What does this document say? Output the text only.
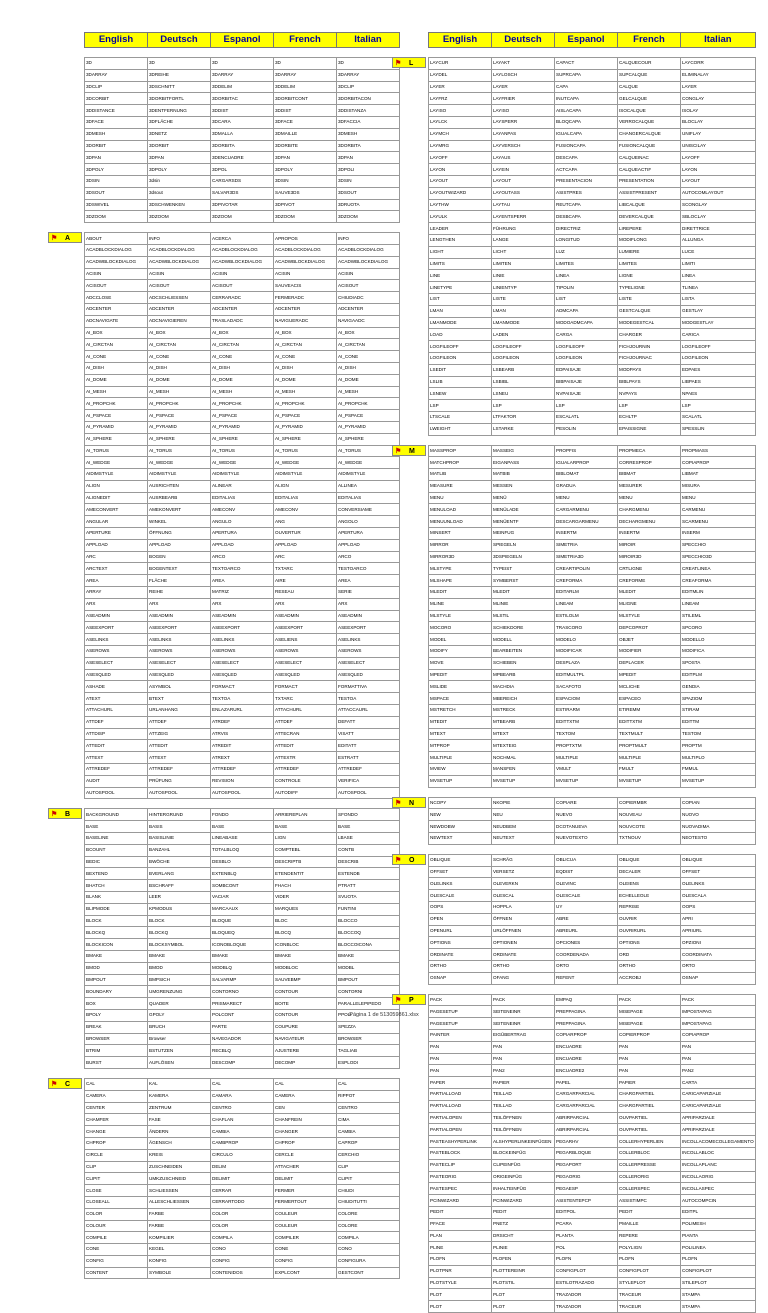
English	Deutsch	Espanol	French	Italian

3D	3D	3D	3D	3D
3DARRAY	3DREIHE	3DARRAY	3DARRAY	3DARRAY
3DCLIP	3DSCHNITT	3DDELIM	3DDELIM	3DCLIP
3DCORBIT	3DORBITFORTL	3DORBITAC	3DORBITCONT	3DORBITACON
3DDISTANCE	3DENTFERNUNG	3DDIST	3DDIST	3DDISTANZA
3DFACE	3DFLÄCHE	3DCARA	3DFACE	3DFACCIA
3DMESH	3DNETZ	3DMALLA	3DMAILLE	3DMESH
3DORBIT	3DORBIT	3DORBITA	3DORBITE	3DORBITA
3DPAN	3DPAN	3DENCUADRE	3DPAN	3DPAN
3DPOLY	3DPOLY	3DPOL	3DPOLY	3DPOLI
3DSIN	3dsin	CARGARSDS	3DSIN	3DSIN
3DSOUT	3dsout	SALVAR3DS	SAUVE3DS	3DSOUT
3DSWIVEL	3DSCHWENKEN	3DPIVOTAR	3DPIVOT	3DRUOTA
3DZOOM	3DZOOM	3DZOOM	3DZOOM	3DZOOM

ABOUT	INFO	ACERCA	APROPOS	INFO
ACADBLOCKDIALOG	ACADBLOCKDIALOG	ACADBLOCKDIALOG	ACADBLOCKDIALOG	ACADBLOCKDIALOG
ACADWBLOCKDIALOG	ACADWBLOCKDIALOG	ACADWBLOCKDIALOG	ACADWBLOCKDIALOG	ACADWBLOCKDIALOG
ACISIN	ACISIN	ACISIN	ACISIN	ACISIN
ACISOUT	ACISOUT	ACISOUT	SAUVEACIS	ACISOUT
ADCCLOSE	ADCSCHLIESSEN	CERRARADC	FERMERADC	CHIUDIADC
ADCENTER	ADCENTER	ADCENTER	ADCENTER	ADCENTER
ADCNAVIGATE	ADCNAVIGIEREN	TRASLADADC	NAVIGUERADC	NAVIGAADC
AI_BOX	AI_BOX	AI_BOX	AI_BOX	AI_BOX
AI_CIRCTAN	AI_CIRCTAN	AI_CIRCTAN	AI_CIRCTAN	AI_CIRCTAN
AI_CONE	AI_CONE	AI_CONE	AI_CONE	AI_CONE
AI_DISH	AI_DISH	AI_DISH	AI_DISH	AI_DISH
AI_DOME	AI_DOME	AI_DOME	AI_DOME	AI_DOME
AI_MESH	AI_MESH	AI_MESH	AI_MESH	AI_MESH
AI_PROPCHK	AI_PROPCHK	AI_PROPCHK	AI_PROPCHK	AI_PROPCHK
AI_PSPACE	AI_PSPACE	AI_PSPACE	AI_PSPACE	AI_PSPACE
AI_PYRAMID	AI_PYRAMID	AI_PYRAMID	AI_PYRAMID	AI_PYRAMID
AI_SPHERE	AI_SPHERE	AI_SPHERE	AI_SPHERE	AI_SPHERE
AI_TORUS	AI_TORUS	AI_TORUS	AI_TORUS	AI_TORUS
AI_WEDGE	AI_WEDGE	AI_WEDGE	AI_WEDGE	AI_WEDGE
AIDIMSTYLE	AIDIMSTYLE	AIDIMSTYLE	AIDIMSTYLE	AIDIMSTYLE
ALIGN	AUSRICHTEN	ALINEAR	ALIGN	ALLINEA
ALIGNEDIT	AUSRBEARB	EDITALIAS	EDITALIAS	EDITALIAS
AMECONVERT	AMEKONVERT	AMECONV	AMECONV	CONVERSIAME
ANGULAR	WINKEL	ANGULO	ANG	ANGOLO
APERTURE	ÖFFNUNG	APERTURA	OUVERTUR	APERTURA
APPLOAD	APPLOAD	APPLOAD	APPLOAD	APPLOAD
ARC	BOGEN	ARCO	ARC	ARCO
ARCTEXT	BOGENTEXT	TEXTOARCO	TXTARC	TESTOARCO
AREA	FLÄCHE	AREA	AIRE	AREA
ARRAY	REIHE	MATRIZ	RESEAU	SERIE
ARX	ARX	ARX	ARX	ARX
ASEADMIN	ASEADMIN	ASEADMIN	ASEADMIN	ASEADMIN
ASEEXPORT	ASEEXPORT	ASEEXPORT	ASEEXPORT	ASEEXPORT
ASELINKS	ASELINKS	ASELINKS	ASELIENS	ASELINKS
ASEROWS	ASEROWS	ASEROWS	ASEROWS	ASEROWS
ASESELECT	ASESELECT	ASESELECT	ASESELECT	ASESELECT
ASESQLED	ASESQLED	ASESQLED	ASESQLED	ASESQLED
ASHADE	ASYMBOL	FORMACT	FORMACT	FORMATTIVA
ATEXT	BTEXT	TEXTOA	TXTARC	TESTOA
ATTACHURL	URLANHANG	ENLAZARURL	ATTACHURL	ATTACCAURL
ATTDEF	ATTDEF	ATRDEF	ATTDEF	DEFATT
ATTDISP	ATTZEIG	ATRVIS	ATTECRAN	VISATT
ATTEDIT	ATTEDIT	ATREDIT	ATTEDIT	EDITATT
ATTEXT	ATTEXT	ATREXT	ATTEXTR	ESTRATT
ATTREDEF	ATTREDEF	ATTREDEF	ATTREDEF	ATTREDEF
AUDIT	PRÜFUNG	REVISION	CONTROLE	VERIFICA
AUTOSPOOL	AUTOSPOOL	AUTOSPOOL	AUTODIFF	AUTOSPOOL

BACKGROUND	HINTERGRUND	FONDO	ARRIEREPLAN	SFONDO
BASE	BASIS	BASE	BASE	BASE
BASELINE	BASISLINIE	LINEABASE	LIGN	LBASE
BCOUNT	BANZAHL	TOTALBLOQ	COMPTEBL	CONTB
BEDIC	BWÖCHE	DESBLO	DESCRIPTB	DESCRIB
BEXTEND	BVERLANG	EXTENBLQ	ETENDENTIT	ESTENDB
BHATCH	BSCHRAFF	SOMBCONT	FHACH	PTRATT
BLANK	LEER	VACIAR	VIDER	SVUOTA
BLIPMODE	KPMODUS	MARCAAUX	MARQUES	FUNTINI
BLOCK	BLOCK	BLOQUE	BLOC	BLOCCO
BLOCKQ	BLOCKQ	BLOQUEQ	BLOCQ	BLOCCOQ
BLOCKICON	BLOCKSYMBOL	ICONOBLOQUE	ICONBLOC	BLOCCOICONA
BMAKE	BMAKE	BMAKE	BMAKE	BMAKE
BMOD	BMOD	MODBLQ	MODBLOC	MODBL
BMPOUT	BMPSICH	SALVARMP	SAUVEBMP	BMPOUT
BOUNDARY	UMGRENZUNG	CONTORNO	CONTOUR	CONTORNI
BOX	QUADER	PRISMARECT	BOITE	PARALLELEPIPEDO
BPOLY	GPOLY	POLCONT	CONTOUR	PPOLI
BREAK	BRUCH	PARTE	COUPURE	SPEZZA
BROWSER	Browser	NAVEGADOR	NAVIGATEUR	BROWSER
BTRIM	BSTUTZEN	RECBLQ	AJUSTERB	TAGLIAB
BURST	AUFLÖSEN	DESCOMP	DECOMP	ESPLODI

CAL	KAL	CAL	CAL	CAL
CAMERA	KAMERA	CAMARA	CAMERA	RIPPOT
CENTER	ZENTRUM	CENTRO	CEN	CENTRO
CHAMFER	FASE	CHAFLAN	CHANFREIN	CIMA
CHANGE	ÄNDERN	CAMBIA	CHANGER	CAMBIA
CHPROP	ÄGENSCH	CAMBPROP	CHPROP	CAPROP
CIRCLE	KREIS	CIRCULO	CERCLE	CERCHIO
CLIP	ZUSCHNEIDEN	DELIM	ATTACHER	CLIP
CLIPIT	UMKZUSCHNEID	DELIMIT	DELIMIT	CLIPIT
CLOSE	SCHLIESSEN	CERRAR	FERMER	CHIUDI
CLOSEALL	ALLESCHLIESSEN	CERRARTODO	FERMERTOUT	CHIUDITUTTI
COLOR	FARBE	COLOR	COULEUR	COLORE
COLOUR	FARBE	COLOR	COULEUR	COLORE
COMPILE	KOMPILIER	COMPILA	COMPILER	COMPILA
CONE	KEGEL	CONO	CONE	CONO
CONFIG	KONFIG	CONFIG	CONFIG	CONFIGURA
CONTENT	SYMBOLE	CONTENIDOS	EXPLCONT	GESTCONT
English	Deutsch	Espanol	French	Italian

LAYCUR	LAYAKT	CAPACT	CALQUECOUR	LAYCORR
LAYDEL	LAYLOSCH	SUPRCAPA	SUPCALQUE	ELIMINALAY
LAYER	LAYER	CAPA	CALQUE	LAYER
LAYFRZ	LAYFRIER	INUTCAPA	GELCALQUE	CONGLAY
LAYISO	LAYISO	AISLACAPA	ISOCALQUE	ISOLAY
LAYLCK	LAYSPERR	BLOQCAPA	VERROCALQUE	BLOCLAY
LAYMCH	LAYANPAS	IGUALCAPA	CHANGERCALQUE	UNIFLAY
LAYMRG	LAYVERSCH	FUSIONCAPA	FUSIONCALQUE	UNISCILAY
LAYOFF	LAYAUS	DESCAPA	CALQUEINAC	LAYOFF
LAYON	LAYEIN	ACTCAPA	CALQUEACTIF	LAYON
LAYOUT	LAYOUT	PRESENTACION	PRESENTATION	LAYOUT
LAYOUTWIZARD	LAYOUTASS	ASISTPRES	ASSISTPRESENT	AUTOCOMLAYOUT
LAYTHW	LAYTAU	REUTCAPA	LIBCALQUE	SCONGLAY
LAYULK	LAYENTSPERR	DESBCAPA	DEVERCALQUE	SBLOCLAY
LEADER	FÜHRUNG	DIRECTRIZ	LIREPERE	DIRETTRICE
LENGTHEN	LANGE	LONGITUD	MODIFLONG	ALLUNGA
LIGHT	LICHT	LUZ	LUMIERE	LUCE
LIMITS	LIMITEN	LIMITES	LIMITES	LIMITI
LINE	LINIE	LINEA	LIGNE	LINEA
LINETYPE	LINIENTYP	TIPOLIN	TYPELIGNE	TLINEA
LIST	LISTE	LIST	LISTE	LISTA
LMAN	LMAN	ADMCAPA	GESTCALQUE	GESTLAY
LMANMODE	LMANMODE	MODOADMCAPA	MODEGESTCAL	MODGESTLAY
LOAD	LADEN	CARGA	CHARGER	CARICA
LOGFILEOFF	LOGFILEOFF	LOGFILEOFF	FICHJOURNIN	LOGFILEOFF
LOGFILEON	LOGFILEON	LOGFILEON	FICHJOURNAC	LOGFILEON
LSEDIT	LSBEARB	EDPAISAJE	MODPAYS	EDPAES
LSLIB	LSBIBL	BIBPAISAJE	BIBLPAYS	LIBPAES
LSNEW	LSNEU	NVPAISAJE	NVPAYS	NPAES
LSP	LSP	LSP	LSP	LSP
LTSCALE	LTFAKTOR	ESCALATL	ECHLTP	SCALATL
LWEIGHT	LSTARKE	PESOLIN	EPAISSIGNE	SPESSLIN

MASSPROP	MASSEIG	PROPFIS	PROPMECA	PROPMASS
MATCHPROP	EIGANPASS	IGUALARPROP	CORRESPROP	COPIAPROP
MATLIB	MATBIB	BIBLOMAT	BIBMAT	LIBMAT
MEASURE	MESSEN	GRADUA	MESURER	MISURA
MENU	MENÜ	MENU	MENU	MENU
MENULOAD	MENÜLADE	CARGARMENU	CHARGMENU	CARMENU
MENUUNLOAD	MENÜENTF	DESCARGARMENU	DECHARGMENU	SCARMENU
MINSERT	MEINFUG	INSERTM	INSERTM	INSERM
MIRROR	SPIEGELN	SIMETRIA	MIROIR	SPECCHIO
MIRROR3D	3DSPIEGELN	SIMETRIA3D	MIROIR3D	SPECCHIO3D
MLSTYPE	TYPEIST	CREARTIPOLIN	CRTLIGNE	CREATLINEA
MLSHAPE	SYMBERST	CREFORMA	CREFORME	CREAFORMA
MLEDIT	MLEDIT	EDITARLM	MLEDIT	EDITMLIN
MLINE	MLINIE	LINEAM	MLIGNE	LINEAM
MLSTYLE	MLSTIL	ESTILOLM	MLSTYLE	STILEML
MOCORO	SCHIEKDORE	TRASCORO	DEPCOPROT	SPCORO
MODEL	MODELL	MODELO	OBJET	MODELLO
MODIFY	BEARBEITEN	MODIFICAR	MODIFIER	MODIFICA
MOVE	SCHIEBEN	DESPLAZA	DEPLACER	SPOSTA
MPEDIT	MPBEARB	EDITMULTPL	MPEDIT	EDITPLM
MSLIDE	MACHDIA	SACAFOTO	MCLICHE	GENDIA
MSPACE	MBEREICH	ESPACIOM	ESPACEO	SPAZIOM
MSTRETCH	MSTRECK	ESTIRARM	ETIREMM	STIRAM
MTEDIT	MTBEARB	EDITTXTM	EDITTXTM	EDITTM
MTEXT	MTEXT	TEXTOM	TEXTMULT	TESTOM
MTPROP	MTEXTEIG	PROPTXTM	PROPTMULT	PROPTM
MULTIPLE	NOCHMAL	MULTIPLE	MULTIPLE	MULTIPLO
MVIEW	MANSFEN	VMULT	FMULT	FMMUL
MVSETUP	MVSETUP	MVSETUP	MVSETUP	MVSETUP

NCOPY	NKOPIE	COPIARE	COPIERMBR	COPIAN
NEW	NEU	NUEVO	NOUVEAU	NUOVO
NEWDOBW	NEUDBEM	DCOTANUEVA	NOUVCOTE	NUOVADIMA
NEWTEXT	NEUTEXT	NUEVOTEXTO	TXTNOUV	NEOTESTO

OBLIQUE	SCHRÄG	OBLICUA	OBLIQUE	OBLIQUE
OFFSET	VERSETZ	EQDIST	DECALER	OFFSET
OLELINKS	OLEVERKN	OLEVINC	OLEIENS	OLELINKS
OLESCALE	OLESCAL	OLESCALE	ECHELLEOLE	OLESCALA
OOPS	HOPPLA	UY	REPRISE	OOPS
OPEN	ÖFFNEN	ABRE	OUVRIR	APRI
OPENURL	URLÖFFNEN	ABREURL	OUVRIRURL	APRIURL
OPTIONS	OPTIONEN	OPCIONES	OPTIONS	OPZIONI
ORDINATE	ORDINATE	COORDENADA	ORD	COORDINATA
ORTHO	ORTHO	ORTO	ORTHO	ORTO
OSNAP	OFANG	REFENT	ACCROBJ	OSNAP

PACK	PACK	EMPAQ	PACK	PACK
PAGESETUP	SEITENEINR	PREPPAGINA	MISEPAGE	IMPOSTAPAG
PAGESETUP	SEITENEINR	PREPPAGINA	MISEPAGE	IMPOSTAPAG
PAINTER	EIGÜBERTRAG	COPIARPROP	COPIERPROP	COPIAPROP
PAN	PAN	ENCUADRE	PAN	PAN
PAN	PAN	ENCUADRE	PAN	PAN
PAN	PAN2	ENCUADRE2	PAN	PAN2
PAPER	PAPIER	PAPEL	PAPIER	CARTA
PARTIALLOAD	TEILLAD	CARGARPARCIAL	CHARGPARTIEL	CARICAPARZIALE
PARTIALLOAD	TEILLAD	CARGARPARCIAL	CHARGPARTIEL	CARICAPARZIALE
PARTIALOPEN	TEILÖFFNEN	ABRIRPARCIAL	OUVPARTIEL	APRIPARZIALE
PARTIALOPEN	TEILÖFFNEN	ABRIRPARCIAL	OUVPARTIEL	APRIPARZIALE
PASTEASHYPERLINK	ALSHYPERLINKEINFÜGEN	PEGARHV	COLLERHYPERLIEN	INCOLLACOMECOLLEGAMENTO
PASTEBLOCK	BLOCKEINFÜG	PEGARBLOQUE	COLLERBLOC	INCOLLABLOC
PASTECLIP	CLIPEINFÜG	PEGAPORT	COLLERPRESSE	INCOLLAPLANC
PASTEORIG	ORIGEINFÜG	PEGAORIG	COLLERORIG	INCOLLAORIG
PASTESPEC	INHALTEINFÜG	PEGAESP	COLLERSPEC	INCOLLASPEC
PCINWIZARD	PCINWIZARD	ASISTENTEPCP	ASSISTIMPC	AUTOCOMPCIN
PEDIT	PEDIT	EDITPOL	PEDIT	EDITPL
PFACE	PNETZ	PCARA	PMAILLE	POLIMESH
PLAN	DRSICHT	PLANTA	REPERE	PIANTA
PLINE	PLINIE	POL	POLYLIGN	POLILINEA
PLOFN	PLOFEN	PLOFN	PLOFN	PLOFN
PLOTPNR	PLOTTEREINR	CONFIGPLOT	CONFIGPLOT	CONFIGPLOT
PLOTSTYLE	PLOTSTIL	ESTILOTRAZADO	STYLEPLOT	STILEPLOT
PLOT	PLOT	TRAZADOR	TRACEUR	STAMPA
PLOT	PLOT	TRAZADOR	TRACEUR	STAMPA
⚑ A
⚑ B
⚑ C
⚑ L
⚑ M
⚑ N
⚑ O
⚑ P
Página 1 de 513059861.xlsx
